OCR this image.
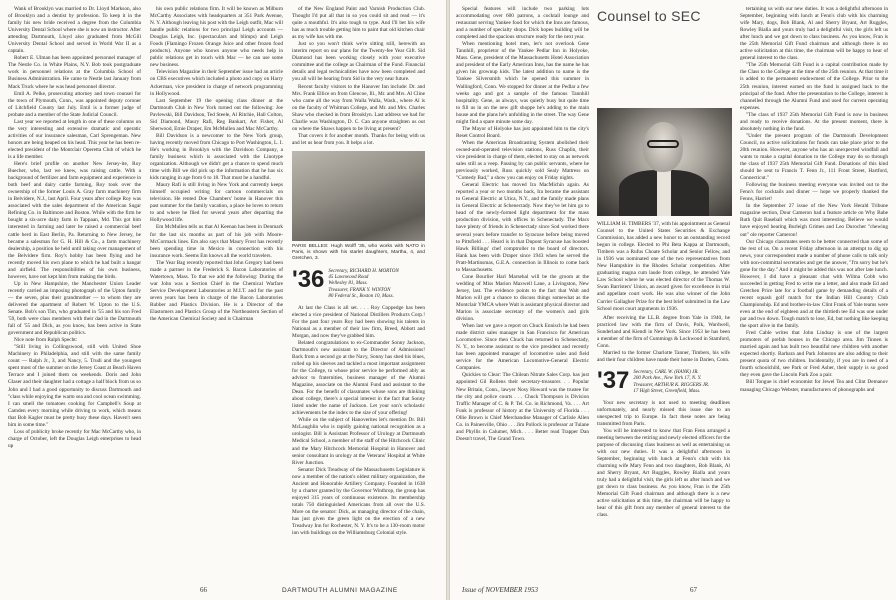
Wank of Brooklyn was married to Dr. Lloyd Markson, also of Brooklyn and a dentist by profession. To keep it in the family his new bride received a degree from the Columbia University Dental School where she is now an instructor. After attending Dartmouth, Lloyd also graduated from McGill University Dental School and served in World War II as a captain.

Robert E. Ulman has been appointed personnel manager of The Nestle Co. in White Plains, N.Y. Bob took postgraduate work in personnel relations at the Columbia School of Business Administration. He came to Nestle last January from Mack Truck where he was head personnel director.

Emil A. Pelke, prosecuting attorney and town counsel for the town of Plymouth, Conn., was appointed deputy coroner of Litchfield County last July. Emil is a former judge of probate and a member of the State Judicial Council.

Last year we reported at length in one of these columns on the very interesting and extensive dramatic and operatic activities of our insurance salesman, Carl Sprengeman. New honors are being heaped on his head. This year he has been re-elected president of the Montclair Operetta Club of which he is a life member.

Here's brief profile on another New Jersey-ite, Roy Buecher, who, last we knew, was raising cattle. With a background of fertilizer and farm equipment and experience in both beef and dairy cattle farming, Roy took over the ownership of the former Louis A. Gray farm machinery firm in Belvidere, N.J., last April. Four years after college Roy was associated with the sales department of the American Sugar Refining Co. in Baltimore and Boston. While with the firm he bought a six-acre dairy farm in Tappaan, Md. This got him interested in farming and later he raised a commercial beef cattle herd in East Berlin, Pa. Returning to New Jersey, he became a salesman for G. H. Hill & Co., a farm machinery dealership, a position he held until taking over management of the Belvidere firm. Roy's hobby has been flying and he recently moved his own plane to which he had built a hangar and airfield. The responsibilities of his own business, however, have not kept him from making the birds.

Up in New Hampshire, the Manchester Union Leader recently carried an imposing photograph of the Upton family — the seven, plus their grandmother — to whom they are delivered the apartment of Robert W. Upton to the U.S. Senate. Bob's son Tim, who graduated in '55 and his son Fred '59, both were class members with their dad in the Dartmouth fall of '55 and Dick, as you know, has been active in State government and Republican politics.

Nice note from Ralph Specht:

"Still living in Collingswood, still with United Shoe Machinery in Philadelphia, and still with the same family count — Ralph Jr., 3, and Nancy, 5. Trudi and the youngest spent most of the summer on the Jersey Coast at Beach Haven Terrace and I joined them on weekends. Doris and John Glaser and their daughter had a cottage a half block from us so John and I had a good opportunity to discuss Dartmouth and "class while enjoying the warm sea and cool ocean swimming. I can smell the tomatoes cooking for Campbell's Soup at Camden every morning while driving to work, which means that Bob Kagler must be pretty busy these days. Haven't seen him in some time."

Loss of publicity broke recently for Mac McCarthy who, in charge of October, left the Douglas Leigh enterprises to head up

his own public relations firm. It will be known as Milburn McCarthy Associates with headquarters at 351 Park Avenue, N. Y. Although leaving his post with the Leigh outfit, Mac will handle public relations for two principal Leigh accounts — Douglas Leigh, Inc. (spectaculars and blimps) and Leigh Foods (Flamingo Frozen Orange Juice and other frozen food products). Anyone who knows anyone who needs help in public relations get in touch with Mac — he can use some new business.

Television Magazine in their September issue had an article on CBS executives which included a photo and copy on Harry Ackerman, vice president in charge of network programming in Hollywood.

Last September 19 the opening class dinner at the Dartmouth Club in New York turned out the following: Joe Pavlewski, Bill Davidson, Ted Steele, Al Ritchie, Hall Colton, Sid Diamond, Maury Rafi, Reg Bankart, Art Fisher, Al Sherwood, Ernie Draper, Em McMullen and Mac McCarthy.

Bill Davidson is a newcomer to the New York group, having recently moved from Chicago to Port Washington, L. I. He's working in Brooklyn with the Davidson Company, a family business which is associated with the Linotype organization. Although we didn't get a chance to spend much time with Bill we did pick up the information that he has six kids ranging in age from 6 to 18. That must be a handful.

Maury Rafi is still living in New York and currently keeps himself occupied writing for cartoon commercials on television. He rented Doe Chambers' home in Hanover this past summer for the family vacation, a place he loves to return to and where he flied for several years after departing the Hollywood life.

Em McMullen tells us that Al Keenan has been in Denmark for the last six months as part of his job with Moore-McCormack lines. Em also says that Maury Frost has recently been spending time in Mexico in connection with his insurance work. Seems Em knows all the world travelers.

The Year Bag recently reported that John Gregory had been made a partner in the Frederick S. Bacon Laboratories of Watertown, Mass. To that we add the following: During the war John was a Section Chief in the Chemical Warfare Service Development Laboratories at M.I.T. and for the past seven years has been in charge of the Bacon Laboratories Rubber and Plastics Division. He is a Director of the Elastomers and Plastics Group of the Northeastern Section of the American Chemical Society and is Chairman

of the New England Paint and Varnish Production Club. Thought I'd put all that in so you could sit and read — it's quite a mouthful. It's also tough to type. And I'll bet his wife has as much trouble getting him to paint that old kitchen chair as my wife has with me.

Just so you won't think we're sitting still, herewith an interim report on our plans for the Twenty-fee Year Gift. Sid Diamond has been working closely with your executive committee and the college as Chairman of the Fund. Financial details and legal technicalities have now been completed and you all will be hearing from Sid in the very near future.

Recent faculty visitors to the Hanover Inn include: Dr. and Mrs. Frank Ellice on from Glencoe, Ill., Mr. and Mrs. Al Cline who came all the way from Walla Walla, Wash., where Al is on the faculty of Whitman College, and Mr. and Mrs. Charles Shaw who checked in from Brooklyn. Last address we had for Charlie was Washington, D. C. Can anyone straighten us out on where the Shaws happen to be living at present?

That covers it for another month. Thanks for being with us and let us hear from you. It helps a lot.

PARIS BELLES: Hugh Wolff '35, who works with NATO in Paris, is shown with his starlet daughters, Martha, 4, and Gretchen, 3.
'36 Secretary, RICHARD H. MORTON
45 Lawnwood Road
Wellesley 81, Mass.
Treasurer, FRANK Y. WINTON
80 Federal St., Boston 10, Mass.

At last the Class is all set. . . . Roy Coppedge has been elected a vice president of National Distillers Products Corp.! For the past four years Roy had been showing his talents in National as a member of their law firm, Breed, Abbott and Morgan, and now they've grabbed him.

Belated congratulations to ex-Commander Sonny Jackson, Dartmouth's new assistant to the Director of Admissions! Back from a second go at the Navy, Sonny has shed his blues, rolled up his sleeves and tackled a most important assignment for the College, to whose prior service he performed ably as advisor to fraternities, business manager of the Alumni Magazine, associate on the Alumni Fund and assistant to the Dean. For the benefit of classmates whose sons are thinking about college, there's a special interest in the fact that Sonny listed under the name of Jackson. Let your son's scholastic achievements be the index to the size of your offering!

While on the subject of Hanoverites let's mention Dr. Bill McLaughlin who is rapidly gaining national recognition as a urologist. Bill is Assistant Professor of Urology at Dartmouth Medical School, a member of the staff of the Hitchcock Clinic and the Mary Hitchcock Memorial Hospital in Hanover and senior consultant in urology at the Veterans' Hospital at White River Junction.

Senator Dick Treadway of the Massachusetts Legislature is now a member of the nation's oldest military organization, the Ancient and Honorable Artillery Company. Founded in 1638 by a charter granted by the Governor Winthrop, the group has enjoyed 315 years of continuous existence. Its membership totals 750 distinguished Americans from all over the U.S. More on the senator: Dick, as managing director of the chain, has just given the green light on the erection of a new Treadway Inn for Rochester, N. Y. It's to be a 130-room motor inn with buildings on the Williamsburg Colonial style.

66	DARTMOUTH ALUMNI MAGAZINE

Special features will include two parking lots accommodating over 600 patrons, a cocktail lounge and restaurant serving Yankee food for which the Inns are famous, and a number of specialty shops. Dick hopes building will be completed and the spacious structure ready for the next year.

When mentioning hotel men, let's not overlook Gene Tannhill, proprietor of the Yankee Pedlar Inn in Holyoke, Mass. Gene, president of the Massachusetts Hotel Association and president of the Early American Inns, has the name he has given his grownup kids. The latest addition to name is the Yankee Silversmith which he opened this summer in Wallingford, Conn. We stopped for dinner at the Pedlar a few weeks ago and got a sample of the famous Tannhill hospitality. Gene, as always, was quietly busy but quite time to fill us in on the new gift shoppe he's adding to the main house and the plans he's unfolding in the street. The way Gene might find a spare minute some day.

The Mayor of Holyoke has just appointed him to the city's Reset Control Board.

When the American Broadcasting System abolished their owned-and-operated television stations, Russ Chaplin, their vice president in charge of them, elected to stay on as network sales still as a veep. Passing by can public servants, where he previously worked, Russ quickly sold Sealy Mattress on "Comedy Bad," a show you can enjoy on Friday nights.

General Electric has moved Ira MacMichin again. As reported a year or two months back, Ira became the assistant to General Electric at Utica, N.Y., and the family made plans in General Electric at Schenectady. Now they've let him go to head of the newly-formed light department for the mass production division, with offices in Schenectady. The Macs have plenty of friends in Schenectady since Sod worked there several years before transfer to Syracuse before being moved to Pittsfield . . . Heard is in that Dupont Syracuse has boosted Hawk Billings' chef comptroller to the board of directors. Hank has been with Draper since 1943 when he served the Pratt-Martinsmas, G.E.A. connection in Illinois to come back to Massachusetts.

Cone Bourlier Harl Marsehal will be the groom at the wedding of Miss Marion Maxwell Lane, a Livingston, New Jersey, last. The evidence points to the fact that Walt and Marion will get a chance to discuss things somewhat as the Montclair YMCA where Walt is assistant physical director and Marion is associate secretary of the women's and girls division.

When last we gave a report on Chuck Ennisch he had been made district sales manager in San Francisco for American Locomotive. Since then Chuck has returned to Schenectady, N. Y., to become assistant to the vice president and recently has been appointed manager of locomotive sales and field service for the American Locomotive-General Electric Companies.

Quickies to Clear: The Chilean Nitrate Sales Corp. has just appointed Gil Rollens their secretary-treasurer. . . Popular New Britain, Conn., lawyer Nosy Howard was the trustee for the city and police courts . . . Chuck Thompson is Division Traffic Manager of C. & P. Tel. Co. in Richmond, Va. . . . Art Funk is professor of history at the University of Florida . . . Ollie Brown is Chief Merchandise Manager of Carlisle Allen Co. in Painesville, Ohio . . . Jim Pollock is professor at Tulane and Phyllis in Calumet, Mich. . . . Better read Trapper Dan Doesn't travel, The Grand Town.

Counsel to SEC
WILLIAM H. TIMBERS '37, with his appointment as General Counsel to the United States Securities & Exchange Commission, has added a new honor to an outstanding record begun in college. Elected to Phi Beta Kappa at Dartmouth, Timbers was a Rufus Choate Scholar and Senior Fellow, and in 1936 was nominated one of the two representatives from New Hampshire in the Rhodes Scholar competition. After graduating magna cum laude from college, he attended Yale Law School where he was elected director of the Thomas W. Swan Barristers' Union, an award given for excellence in trial and appellate court work. He was also winner of the John Currier Gallagher Prize for the best brief submitted in the Law School moot court arguments in 1936.

After receiving the LL.B. degree from Yale in 1940, he practiced law with the firm of Davis, Polk, Wardwell, Sunderland and Kiendl in New York. Since 1953 he has been a member of the firm of Cummings & Lockwood in Stamford, Conn.

Married to the former Charlotte Tanner, Timbers, his wife and their four children have made their home in Darien, Conn.

'37 Secretary, CARL W. (HANK) JR.
200 Park Ave., New York 17, N. Y.
Treasurer, ARTHUR K. RIGGERS JR.
17 High Street, Greenfield, Mass.

Your new secretary is not used to meeting deadlines unfortunately, and nearly missed this issue due to an unexpected trip to Europe. In fact these notes are being transmitted from Paris.

You will be interested to know that Fran Fenn arranged a meeting between the retiring and newly elected officers for the purpose of discussing class business as well as entertaining us with our new duties. It was a delightful afternoon in September, beginning with lunch at Fenn's club with his charming wife Mary Fenn and two daughters, Bob Blank, Al and Sherry Bryant, Art Ruggles, Rowley Bialla and yours truly had a delightful visit, the girls left us after lunch and we got down to class business. As you know, Fran is the 25th Memorial Gift Fund chairman and although there is a new active solicitation at this time, the chairman will be happy to hear of this gift from any member of general interest to the class.

tertaining us with our new duties. It was a delightful afternoon in September, beginning with lunch at Fenn's club with his charming wife Mary, dogs, Bob Blank, Al and Sherry Bryant, Art Ruggles, Rowley Bialla and yours truly had a delightful visit, the girls left us after lunch and we got down to class business. As you know, Fran is the 25th Memorial Gift Fund chairman and although there is no active solicitation at this time, the chairman will be happy to hear of general interest to the class.

"The 25th Memorial Gift Fund is a capital contribution made by the Class to the College at the time of the 25th reunion. At that time it is added to the permanent endowment of the College. Prior to the 25th reunion, interest earned on the fund is assigned back to the principal of the fund. After the presentation to the College, interest is channelled through the Alumni Fund and used for current operating expenses.

"The class of 1937 25th Memorial Gift Fund is now in business and ready to receive donations. At the present moment, there is absolutely nothing in the fund.

"Under the present program of the Dartmouth Development Council, no active solicitations for funds can take place prior to the 20th reunion. However, anyone who has an unexpected windfall and wants to make a capital donation to the College may do so through the class of 1937 25th Memorial Gift Fund. Donations of this kind should be sent to Francis T. Fenn Jr., 111 Front Street, Hartford, Connecticut."

Following the business meeting everyone was invited out to the Fenn's for cocktails and dinner — hope we properly thanked the Fenns, Harriet!

In the September 27 issue of the New York Herald Tribune magazine section, Dour Cameron had a feature article on Why Babe Ruth Quit Baseball which was most interesting. Believe we would have enjoyed hearing Burleigh Grimes and Leo Durocher "chewing out" ole reporter Cameron!

Our Chicago classmates seem to be better connected than some of the rest of us. On a recent Friday afternoon in an attempt to dig up news, your correspondent made a number of phone calls to talk only with non-committal secretaries and get the answer, "I'm sorry but he's gone for the day." And it might be added this was not after late lunch. However, I did have a pleasant chat with Wilma Cobb who succeeded in getting Fred to write me a letter, and also made Ed and Gretchen Price late for a football game by demanding details of a recent squash golf match for the Indian Hill Country Club Championship. Ed and brother-in-law Clint Frank of Yale teams were even at the end of eighteen and at the thirtieth tee Ed was one under par and two down. Tough match to lose, Ed, but nothing like keeping the sport alive in the family.

Fred Cable writes that John Lindsay is one of the largest promoters of prefab houses in the Chicago area. Jim Tinnen is married again and has built two beautiful new children with another expected shortly. Barbara and Park Johnston are also adding to their present quota of two children. Incidentally, if you are in need of a fourth schoolchild, see Park or Fred Asher, their supply is so good they even gave the Lincoln Park Zoo a pair.

Bill Tongue is chief economist for Jewel Tea and Clint Demanov managing Chicago Webster, manufacturers of phonographs and

Issue of NOVEMBER 1953	67
